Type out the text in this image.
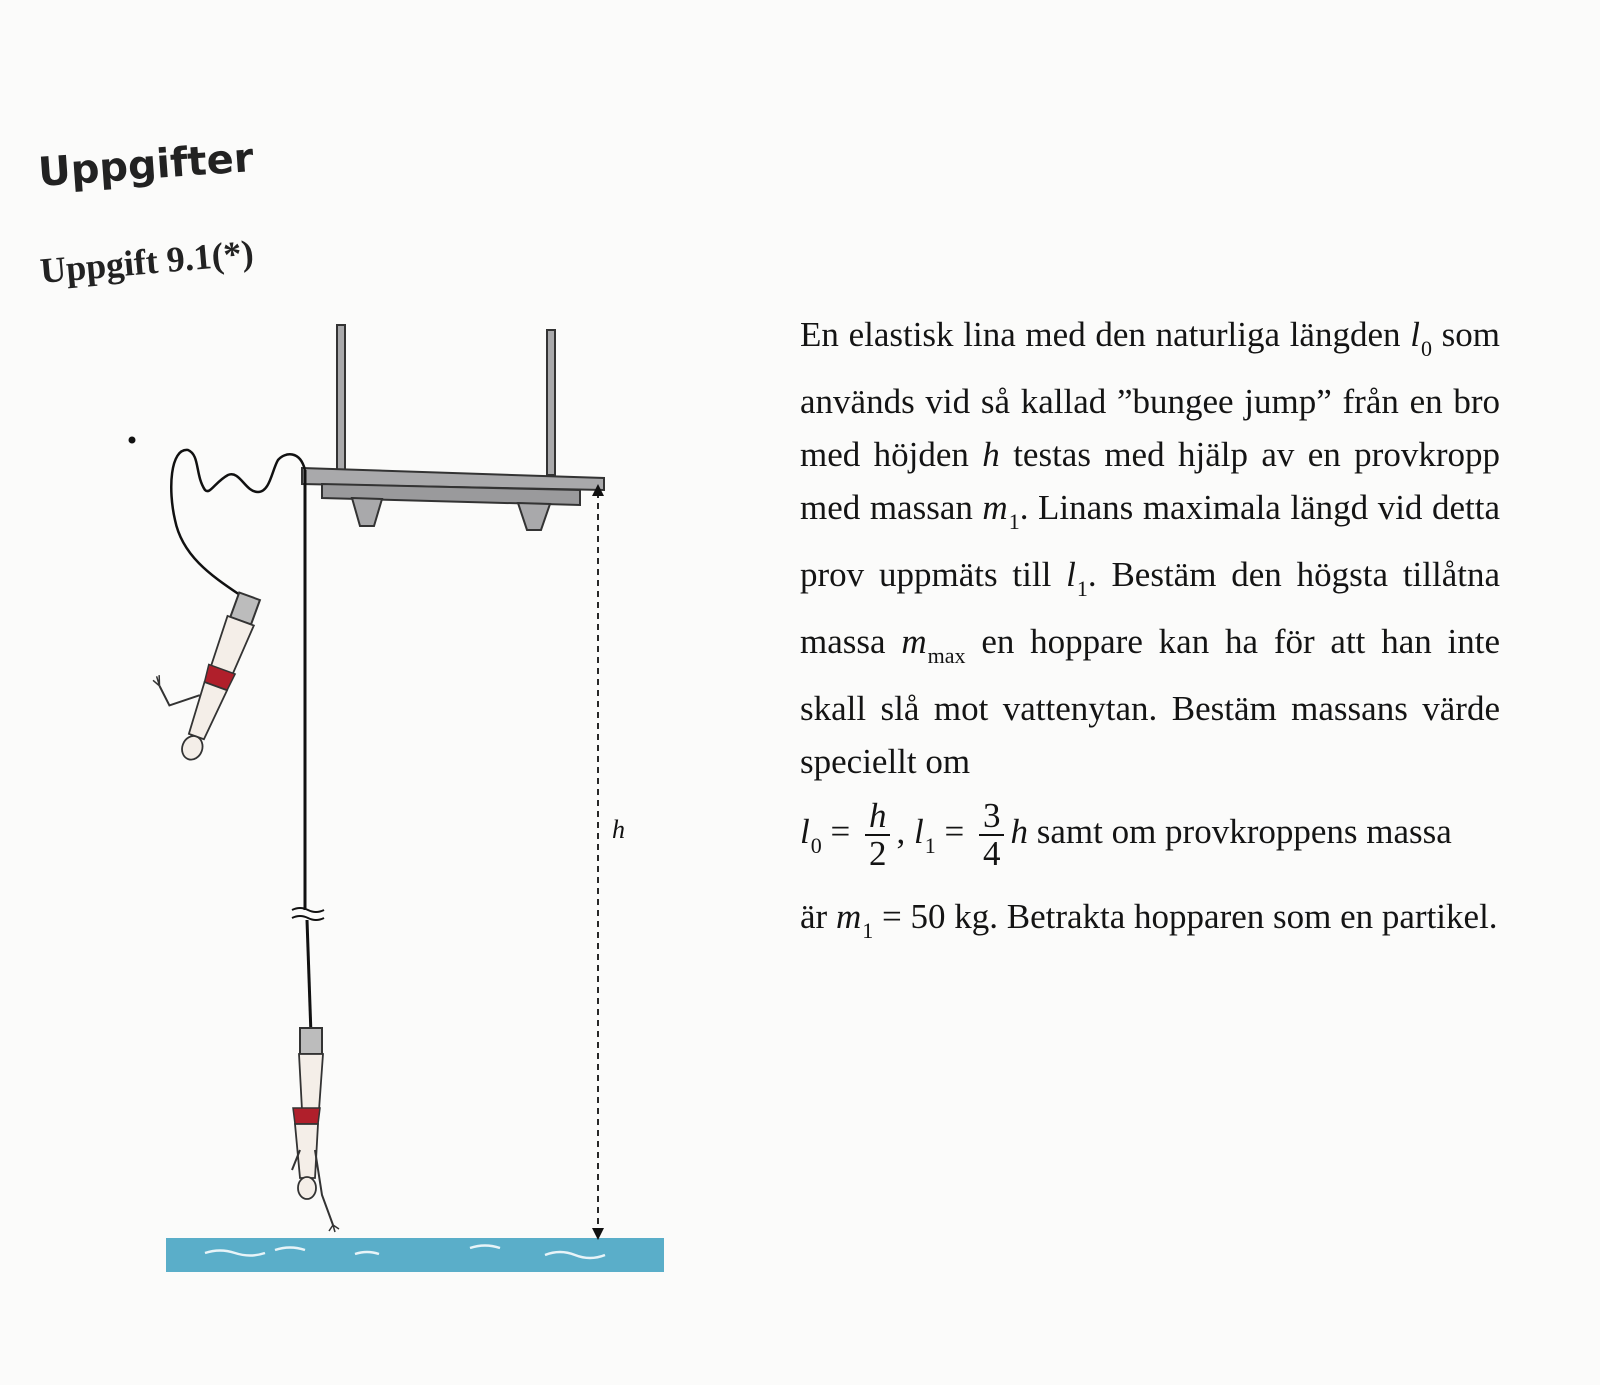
Uppgifter
Uppgift 9.1(*)
h

En elastisk lina med den naturliga längden $l_0$ som används vid så kallad ”bungee jump” från en bro med höjden h testas med hjälp av en provkropp med massan $m_1$. Linans maximala längd vid detta prov uppmäts till $l_1$. Bestäm den högsta tillåtna massa $m_{max}$ en hoppare kan ha för att han inte skall slå mot vattenytan. Bestäm massans värde speciellt om

$l_0 = \frac{h}{2}$ , $l_1 = \frac{3}{4}$ h samt om provkroppens massa

är $m_1 = 50$ kg. Betrakta hopparen som en partikel.
